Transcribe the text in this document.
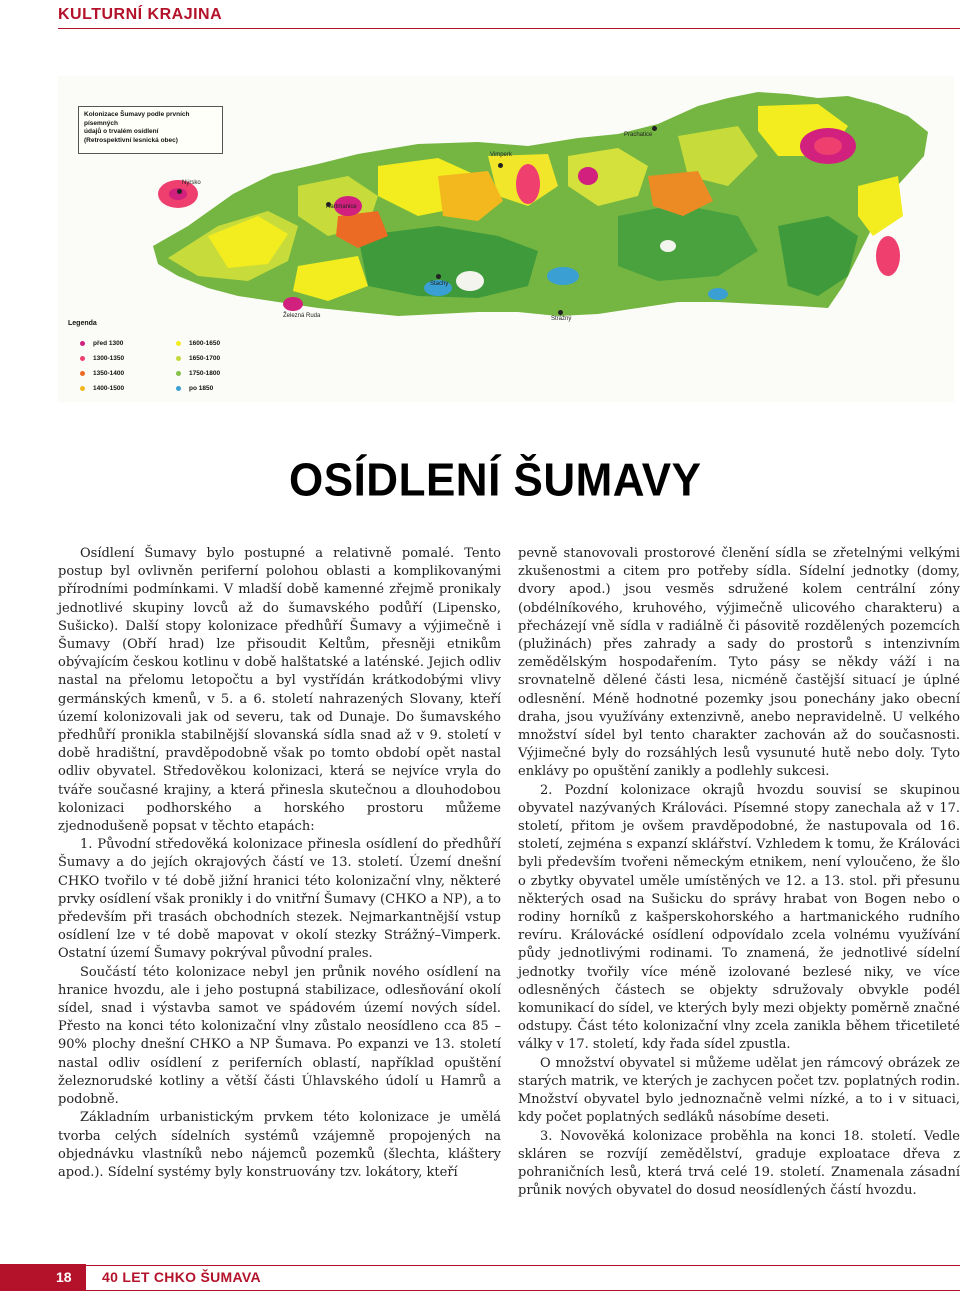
KULTURNÍ KRAJINA
Kolonizace Šumavy podle prvních písemných
údajů o trvalém osídlení
(Retrospektivní lesnická obec)
Nýrsko
Hartmanice
Vimperk
Prachatice
Stachy
Železná Ruda	Strážný
Legenda
před 1300	1600-1650
1300-1350	1650-1700
1350-1400	1750-1800
1400-1500	po 1850
OSÍDLENÍ ŠUMAVY

Osídlení Šumavy bylo postupné a relativně pomalé. Tento postup byl ovlivněn periferní polohou oblasti a komplikovanými přírodními podmínkami. V mladší době kamenné zřejmě pronikaly jednotlivé skupiny lovců až do šumavského podůří (Lipensko, Sušicko). Další stopy kolonizace předhůří Šumavy a výjimečně i Šumavy (Obří hrad) lze přisoudit Keltům, přesněji etnikům obývajícím českou kotlinu v době halštatské a laténské. Jejich odliv nastal na přelomu letopočtu a byl vystřídán krátkodobými vlivy germánských kmenů, v 5. a 6. století nahrazených Slovany, kteří území kolonizovali jak od severu, tak od Dunaje. Do šumavského předhůří pronikla stabilnější slovanská sídla snad až v 9. století v době hradištní, pravděpodobně však po tomto období opět nastal odliv obyvatel. Středověkou kolonizaci, která se nejvíce vryla do tváře současné krajiny, a která přinesla skutečnou a dlouhodobou kolonizaci podhorského a horského prostoru můžeme zjednodušeně popsat v těchto etapách:

1. Původní středověká kolonizace přinesla osídlení do předhůří Šumavy a do jejích okrajových částí ve 13. století. Území dnešní CHKO tvořilo v té době jižní hranici této kolonizační vlny, některé prvky osídlení však pronikly i do vnitřní Šumavy (CHKO a NP), a to především při trasách obchodních stezek. Nejmarkantnější vstup osídlení lze v té době mapovat v okolí stezky Strážný–Vimperk. Ostatní území Šumavy pokrýval původní prales.

Součástí této kolonizace nebyl jen průnik nového osídlení na hranice hvozdu, ale i jeho postupná stabilizace, odlesňování okolí sídel, snad i výstavba samot ve spádovém území nových sídel. Přesto na konci této kolonizační vlny zůstalo neosídleno cca 85 – 90% plochy dnešní CHKO a NP Šumava. Po expanzi ve 13. století nastal odliv osídlení z periferních oblastí, například opuštění železnorudské kotliny a větší části Úhlavského údolí u Hamrů a podobně.

Základním urbanistickým prvkem této kolonizace je umělá tvorba celých sídelních systémů vzájemně propojených na objednávku vlastníků nebo nájemců pozemků (šlechta, kláštery apod.). Sídelní systémy byly konstruovány tzv. lokátory, kteří

pevně stanovovali prostorové členění sídla se zřetelnými velkými zkušenostmi a citem pro potřeby sídla. Sídelní jednotky (domy, dvory apod.) jsou vesměs sdružené kolem centrální zóny (obdélníkového, kruhového, výjimečně ulicového charakteru) a přecházejí vně sídla v radiálně či pásovitě rozdělených pozemcích (plužinách) přes zahrady a sady do prostorů s intenzivním zemědělským hospodařením. Tyto pásy se někdy váží i na srovnatelně dělené části lesa, nicméně častější situací je úplné odlesnění. Méně hodnotné pozemky jsou ponechány jako obecní draha, jsou využívány extenzivně, anebo nepravidelně. U velkého množství sídel byl tento charakter zachován až do současnosti. Výjimečné byly do rozsáhlých lesů vysunuté hutě nebo doly. Tyto enklávy po opuštění zanikly a podlehly sukcesi.

2. Pozdní kolonizace okrajů hvozdu souvisí se skupinou obyvatel nazývaných Králováci. Písemné stopy zanechala až v 17. století, přitom je ovšem pravděpodobné, že nastupovala od 16. století, zejména s expanzí sklářství. Vzhledem k tomu, že Králováci byli především tvořeni německým etnikem, není vyloučeno, že šlo o zbytky obyvatel uměle umístěných ve 12. a 13. stol. při přesunu některých osad na Sušicku do správy hrabat von Bogen nebo o rodiny horníků z kašperskohorského a hartmanického rudního revíru. Královácké osídlení odpovídalo zcela volnému využívání půdy jednotlivými rodinami. To znamená, že jednotlivé sídelní jednotky tvořily více méně izolované bezlesé niky, ve více odlesněných částech se objekty sdružovaly obvykle podél komunikací do sídel, ve kterých byly mezi objekty poměrně značné odstupy. Část této kolonizační vlny zcela zanikla během třicetileté války v 17. století, kdy řada sídel zpustla.

O množství obyvatel si můžeme udělat jen rámcový obrázek ze starých matrik, ve kterých je zachycen počet tzv. poplatných rodin. Množství obyvatel bylo jednoznačně velmi nízké, a to i v situaci, kdy počet poplatných sedláků násobíme deseti.

3. Novověká kolonizace proběhla na konci 18. století. Vedle skláren se rozvíjí zemědělství, graduje exploatace dřeva z pohraničních lesů, která trvá celé 19. století. Znamenala zásadní průnik nových obyvatel do dosud neosídlených částí hvozdu.

18 40 LET CHKO ŠUMAVA
